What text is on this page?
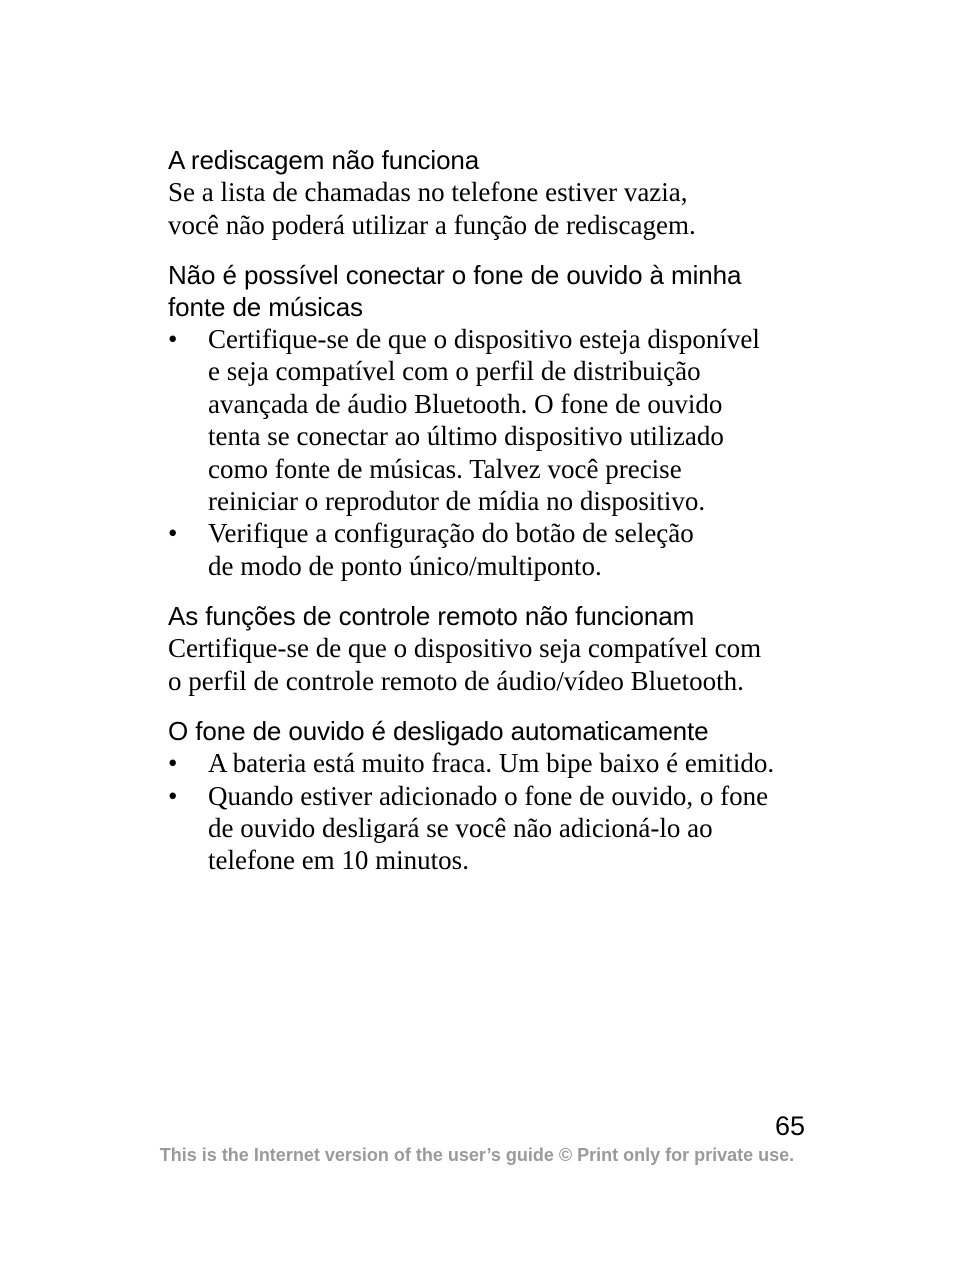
A rediscagem não funciona

Se a lista de chamadas no telefone estiver vazia,
você não poderá utilizar a função de rediscagem.

Não é possível conectar o fone de ouvido à minha
fonte de músicas
•	Certifique-se de que o dispositivo esteja disponível
e seja compatível com o perfil de distribuição
avançada de áudio Bluetooth. O fone de ouvido
tenta se conectar ao último dispositivo utilizado
como fonte de músicas. Talvez você precise
reiniciar o reprodutor de mídia no dispositivo.
•	Verifique a configuração do botão de seleção
de modo de ponto único/multiponto.
As funções de controle remoto não funcionam

Certifique-se de que o dispositivo seja compatível com
o perfil de controle remoto de áudio/vídeo Bluetooth.

O fone de ouvido é desligado automaticamente
•	A bateria está muito fraca. Um bipe baixo é emitido.
•	Quando estiver adicionado o fone de ouvido, o fone
de ouvido desligará se você não adicioná-lo ao
telefone em 10 minutos.
65
This is the Internet version of the user’s guide © Print only for private use.
